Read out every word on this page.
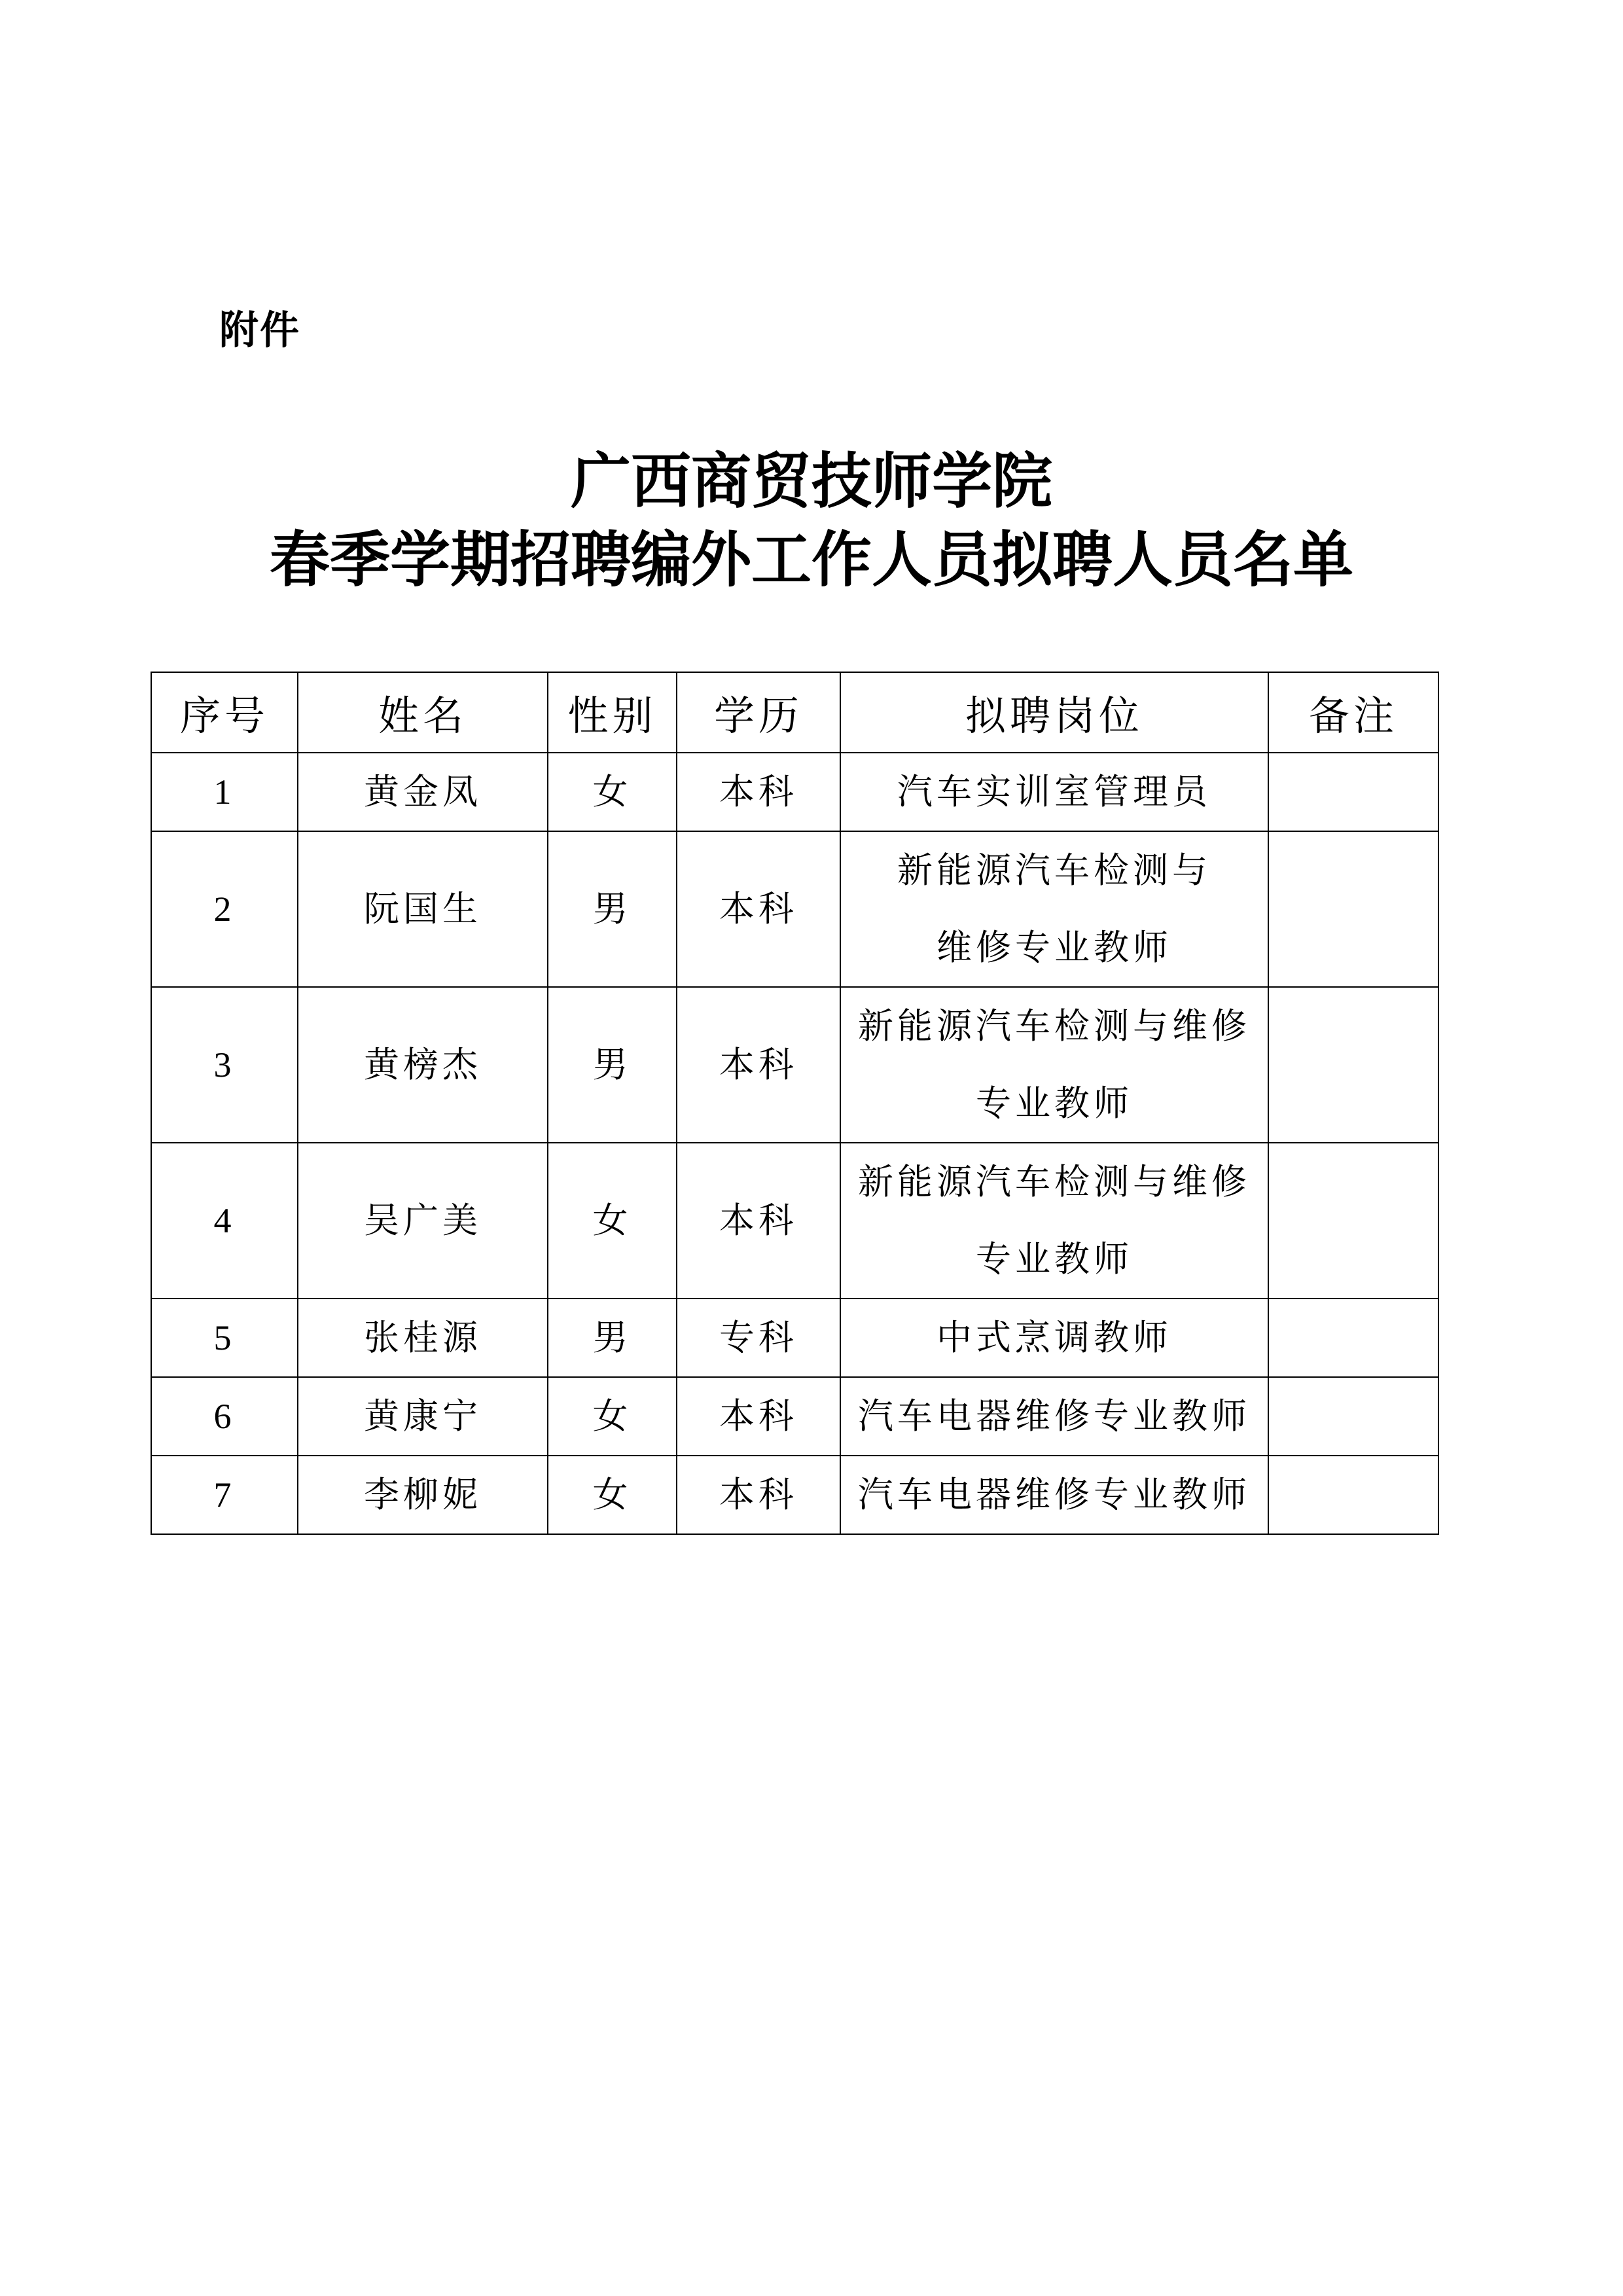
附件
广西商贸技师学院
春季学期招聘编外工作人员拟聘人员名单
序号	姓名	性别	学历	拟聘岗位	备注
1	黄金凤	女	本科	汽车实训室管理员	

2	阮国生	男	本科	新能源汽车检测与
维修专业教师	

3	黄榜杰	男	本科	新能源汽车检测与维修
专业教师	

4	吴广美	女	本科	新能源汽车检测与维修
专业教师	

5	张桂源	男	专科	中式烹调教师	

6	黄康宁	女	本科	汽车电器维修专业教师	

7	李柳妮	女	本科	汽车电器维修专业教师	
